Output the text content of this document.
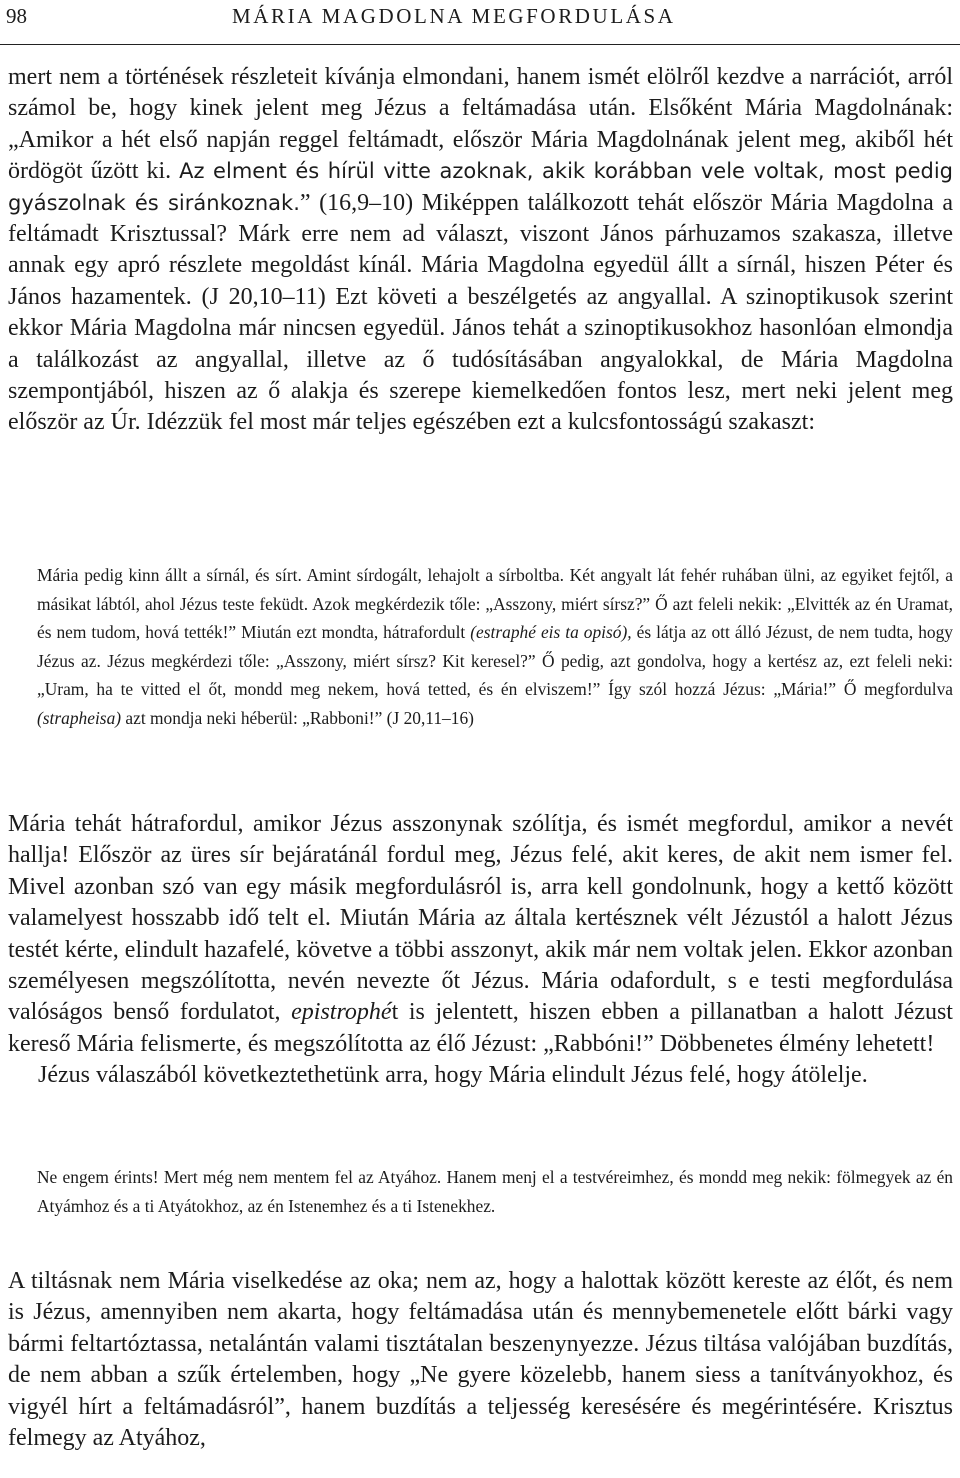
98	MÁRIA MAGDOLNA MEGFORDULÁSA

mert nem a történések részleteit kívánja elmondani, hanem ismét elölről kezdve a narrációt, arról számol be, hogy kinek jelent meg Jézus a feltámadása után. Elsőként Mária Magdolnának: „Amikor a hét első napján reggel feltámadt, először Mária Magdolnának jelent meg, akiből hét ördögöt űzött ki. Az elment és hírül vitte azoknak, akik korábban vele voltak, most pedig gyászolnak és siránkoznak.” (16,9–10) Miképpen találkozott tehát először Mária Magdolna a feltámadt Krisztussal? Márk erre nem ad választ, viszont János párhuzamos szakasza, illetve annak egy apró részlete megoldást kínál. Mária Magdolna egyedül állt a sírnál, hiszen Péter és János hazamentek. (J 20,10–11) Ezt követi a beszélgetés az angyallal. A szinoptikusok szerint ekkor Mária Magdolna már nincsen egyedül. János tehát a szinoptikusokhoz hasonlóan elmondja a találkozást az angyallal, illetve az ő tudósításában angyalokkal, de Mária Magdolna szempontjából, hiszen az ő alakja és szerepe kiemelkedően fontos lesz, mert neki jelent meg először az Úr. Idézzük fel most már teljes egészében ezt a kulcsfontosságú szakaszt:

Mária pedig kinn állt a sírnál, és sírt. Amint sírdogált, lehajolt a sírboltba. Két angyalt lát fehér ruhában ülni, az egyiket fejtől, a másikat lábtól, ahol Jézus teste feküdt. Azok megkérdezik tőle: „Asszony, miért sírsz?” Ő azt feleli nekik: „Elvitték az én Uramat, és nem tudom, hová tették!” Miután ezt mondta, hátrafordult (estraphé eis ta opisó), és látja az ott álló Jézust, de nem tudta, hogy Jézus az. Jézus megkérdezi tőle: „Asszony, miért sírsz? Kit keresel?” Ő pedig, azt gondolva, hogy a kertész az, ezt feleli neki: „Uram, ha te vitted el őt, mondd meg nekem, hová tetted, és én elviszem!” Így szól hozzá Jézus: „Mária!” Ő megfordulva (strapheisa) azt mondja neki héberül: „Rabboni!” (J 20,11–16)

Mária tehát hátrafordul, amikor Jézus asszonynak szólítja, és ismét megfordul, amikor a nevét hallja! Először az üres sír bejáratánál fordul meg, Jézus felé, akit keres, de akit nem ismer fel. Mivel azonban szó van egy másik megfordulásról is, arra kell gondolnunk, hogy a kettő között valamelyest hosszabb idő telt el. Miután Mária az általa kertésznek vélt Jézustól a halott Jézus testét kérte, elindult hazafelé, követve a többi asszonyt, akik már nem voltak jelen. Ekkor azonban személyesen megszólította, nevén nevezte őt Jézus. Mária odafordult, s e testi megfordulása valóságos benső fordulatot, epistrophét is jelentett, hiszen ebben a pillanatban a halott Jézust kereső Mária felismerte, és megszólította az élő Jézust: „Rabbóni!” Döbbenetes élmény lehetett!

Jézus válaszából következtethetünk arra, hogy Mária elindult Jézus felé, hogy átölelje.

Ne engem érints! Mert még nem mentem fel az Atyához. Hanem menj el a testvéreimhez, és mondd meg nekik: fölmegyek az én Atyámhoz és a ti Atyátokhoz, az én Istenemhez és a ti Istenekhez.

A tiltásnak nem Mária viselkedése az oka; nem az, hogy a halottak között kereste az élőt, és nem is Jézus, amennyiben nem akarta, hogy feltámadása után és mennybemenetele előtt bárki vagy bármi feltartóztassa, netalántán valami tisztátalan beszenynyezze. Jézus tiltása valójában buzdítás, de nem abban a szűk értelemben, hogy „Ne gyere közelebb, hanem siess a tanítványokhoz, és vigyél hírt a feltámadásról”, hanem buzdítás a teljesség keresésére és megérintésére. Krisztus felmegy az Atyához,
